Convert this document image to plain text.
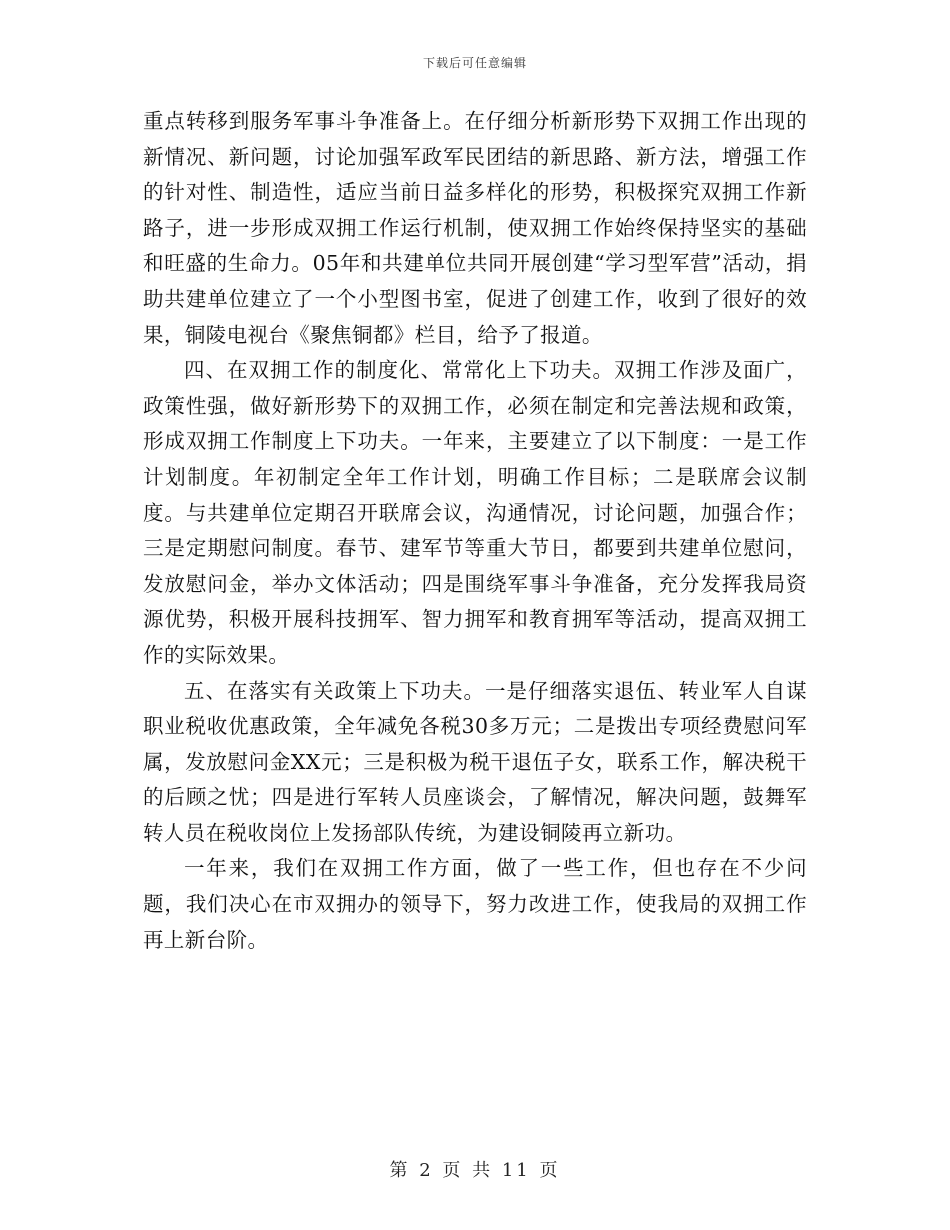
下载后可任意编辑

重点转移到服务军事斗争准备上。在仔细分析新形势下双拥工作出现的新情况、新问题，讨论加强军政军民团结的新思路、新方法，增强工作的针对性、制造性，适应当前日益多样化的形势，积极探究双拥工作新路子，进一步形成双拥工作运行机制，使双拥工作始终保持坚实的基础和旺盛的生命力。05年和共建单位共同开展创建“学习型军营”活动，捐助共建单位建立了一个小型图书室，促进了创建工作，收到了很好的效果，铜陵电视台《聚焦铜都》栏目，给予了报道。

四、在双拥工作的制度化、常常化上下功夫。双拥工作涉及面广，政策性强，做好新形势下的双拥工作，必须在制定和完善法规和政策，形成双拥工作制度上下功夫。一年来，主要建立了以下制度：一是工作计划制度。年初制定全年工作计划，明确工作目标；二是联席会议制度。与共建单位定期召开联席会议，沟通情况，讨论问题，加强合作；三是定期慰问制度。春节、建军节等重大节日，都要到共建单位慰问，发放慰问金，举办文体活动；四是围绕军事斗争准备，充分发挥我局资源优势，积极开展科技拥军、智力拥军和教育拥军等活动，提高双拥工作的实际效果。

五、在落实有关政策上下功夫。一是仔细落实退伍、转业军人自谋职业税收优惠政策，全年减免各税30多万元；二是拨出专项经费慰问军属，发放慰问金XX元；三是积极为税干退伍子女，联系工作，解决税干的后顾之忧；四是进行军转人员座谈会，了解情况，解决问题，鼓舞军转人员在税收岗位上发扬部队传统，为建设铜陵再立新功。

一年来，我们在双拥工作方面，做了一些工作，但也存在不少问题，我们决心在市双拥办的领导下，努力改进工作，使我局的双拥工作再上新台阶。

第 2 页 共 11 页
